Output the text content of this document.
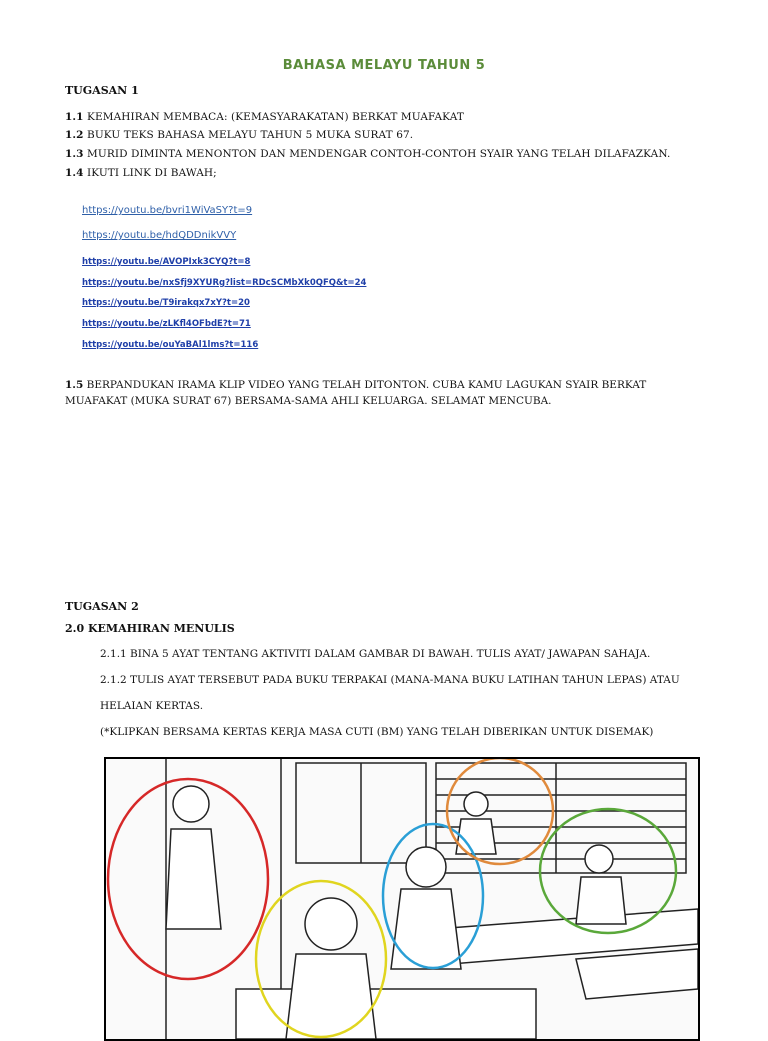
BAHASA MELAYU TAHUN 5
TUGASAN 1
1.1 KEMAHIRAN MEMBACA: (KEMASYARAKATAN) BERKAT MUAFAKAT
1.2 BUKU TEKS BAHASA MELAYU TAHUN 5 MUKA SURAT 67.
1.3 MURID DIMINTA MENONTON DAN MENDENGAR CONTOH-CONTOH SYAIR YANG TELAH DILAFAZKAN.
1.4 IKUTI LINK DI BAWAH;
https://youtu.be/bvri1WiVaSY?t=9
https://youtu.be/hdQDDnikVVY
https://youtu.be/AVOPIxk3CYQ?t=8
https://youtu.be/nxSfj9XYURg?list=RDcSCMbXk0QFQ&t=24
https://youtu.be/T9irakqx7xY?t=20
https://youtu.be/zLKfl4OFbdE?t=71
https://youtu.be/ouYaBAl1lms?t=116
1.5 BERPANDUKAN IRAMA KLIP VIDEO YANG TELAH DITONTON. CUBA KAMU LAGUKAN SYAIR BERKAT MUAFAKAT (MUKA SURAT 67) BERSAMA-SAMA AHLI KELUARGA. SELAMAT MENCUBA.
TUGASAN 2
2.0 KEMAHIRAN MENULIS
2.1.1 BINA 5 AYAT TENTANG AKTIVITI DALAM GAMBAR DI BAWAH. TULIS AYAT/ JAWAPAN SAHAJA.
2.1.2 TULIS AYAT TERSEBUT PADA BUKU TERPAKAI (MANA-MANA BUKU LATIHAN TAHUN LEPAS) ATAU
HELAIAN KERTAS.
(*KLIPKAN BERSAMA KERTAS KERJA MASA CUTI (BM) YANG TELAH DIBERIKAN UNTUK DISEMAK)
